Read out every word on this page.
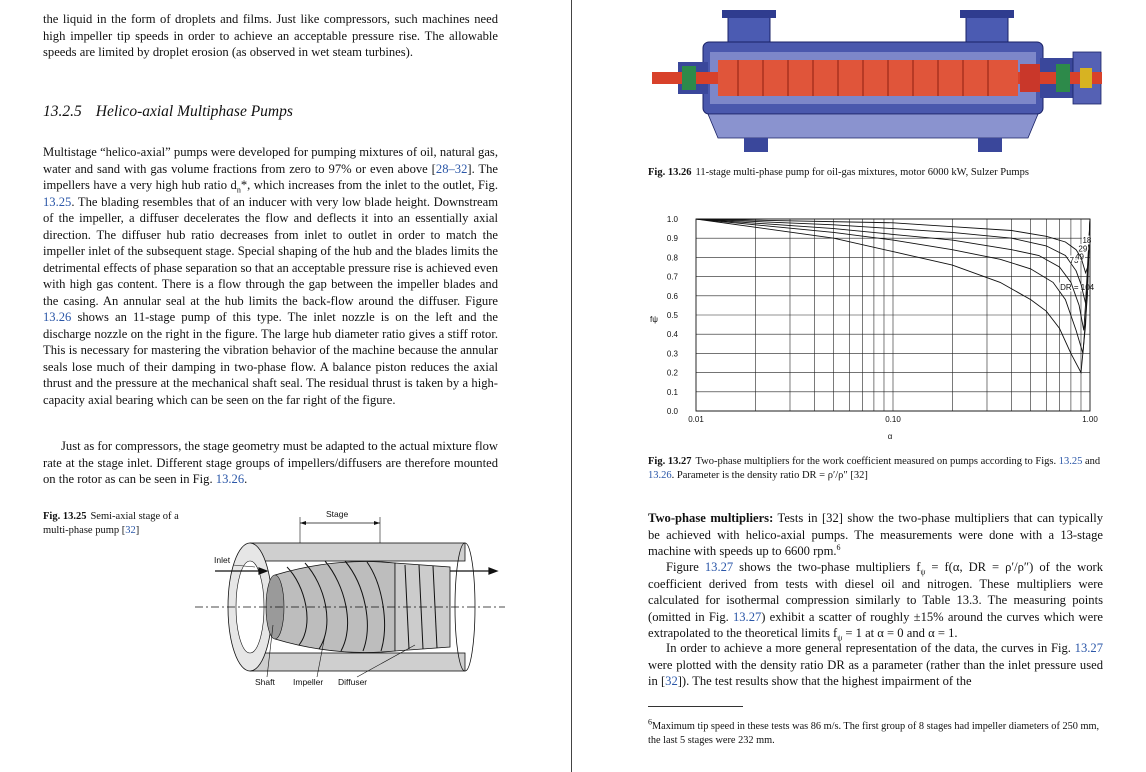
the liquid in the form of droplets and films. Just like compressors, such machines need high impeller tip speeds in order to achieve an acceptable pressure rise. The allowable speeds are limited by droplet erosion (as observed in wet steam turbines).
13.2.5 Helico-axial Multiphase Pumps
Multistage “helico-axial” pumps were developed for pumping mixtures of oil, natural gas, water and sand with gas volume fractions from zero to 97% or even above [28–32]. The impellers have a very high hub ratio $d_n*$, which increases from the inlet to the outlet, Fig. 13.25. The blading resembles that of an inducer with very low blade height. Downstream of the impeller, a diffuser decelerates the flow and deflects it into an essentially axial direction. The diffuser hub ratio decreases from inlet to outlet in order to match the impeller inlet of the subsequent stage. Special shaping of the hub and the blades limits the detrimental effects of phase separation so that an acceptable pressure rise is achieved even with high gas content. There is a flow through the gap between the impeller blades and the casing. An annular seal at the hub limits the back-flow around the diffuser. Figure 13.26 shows an 11-stage pump of this type. The inlet nozzle is on the left and the discharge nozzle on the right in the figure. The large hub diameter ratio gives a stiff rotor. This is necessary for mastering the vibration behavior of the machine because the annular seals lose much of their damping in two-phase flow. A balance piston reduces the axial thrust and the pressure at the mechanical shaft seal. The residual thrust is taken by a high-capacity axial bearing which can be seen on the far right of the figure.
Just as for compressors, the stage geometry must be adapted to the actual mixture flow rate at the stage inlet. Different stage groups of impellers/diffusers are therefore mounted on the rotor as can be seen in Fig. 13.26.
Fig. 13.25 Semi-axial stage of a multi-phase pump [32]
Stage
Inlet
Shaft Impeller Diffuser
Fig. 13.26 11-stage multi-phase pump for oil-gas mixtures, motor 6000 kW, Sulzer Pumps
DR = 104
73
49
29
18
0.0
0.1
0.2
0.3
0.4
0.5
0.6
0.7
0.8
0.9
1.0
0.01	0.10	1.00
fψ
α
Fig. 13.27 Two-phase multipliers for the work coefficient measured on pumps according to Figs. 13.25 and 13.26. Parameter is the density ratio DR = ρ′/ρ″ [32]
Two-phase multipliers: Tests in [32] show the two-phase multipliers that can typically be achieved with helico-axial pumps. The measurements were done with a 13-stage machine with speeds up to 6600 rpm.$^6$
Figure 13.27 shows the two-phase multipliers $f_\psi = f(\alpha$, DR = ρ′/ρ″) of the work coefficient derived from tests with diesel oil and nitrogen. These multipliers were calculated for isothermal compression similarly to Table 13.3. The measuring points (omitted in Fig. 13.27) exhibit a scatter of roughly ±15% around the curves which were extrapolated to the theoretical limits $f_\psi = 1$ at α = 0 and α = 1.
In order to achieve a more general representation of the data, the curves in Fig. 13.27 were plotted with the density ratio DR as a parameter (rather than the inlet pressure used in [32]). The test results show that the highest impairment of the
$^6$Maximum tip speed in these tests was 86 m/s. The first group of 8 stages had impeller diameters of 250 mm, the last 5 stages were 232 mm.
